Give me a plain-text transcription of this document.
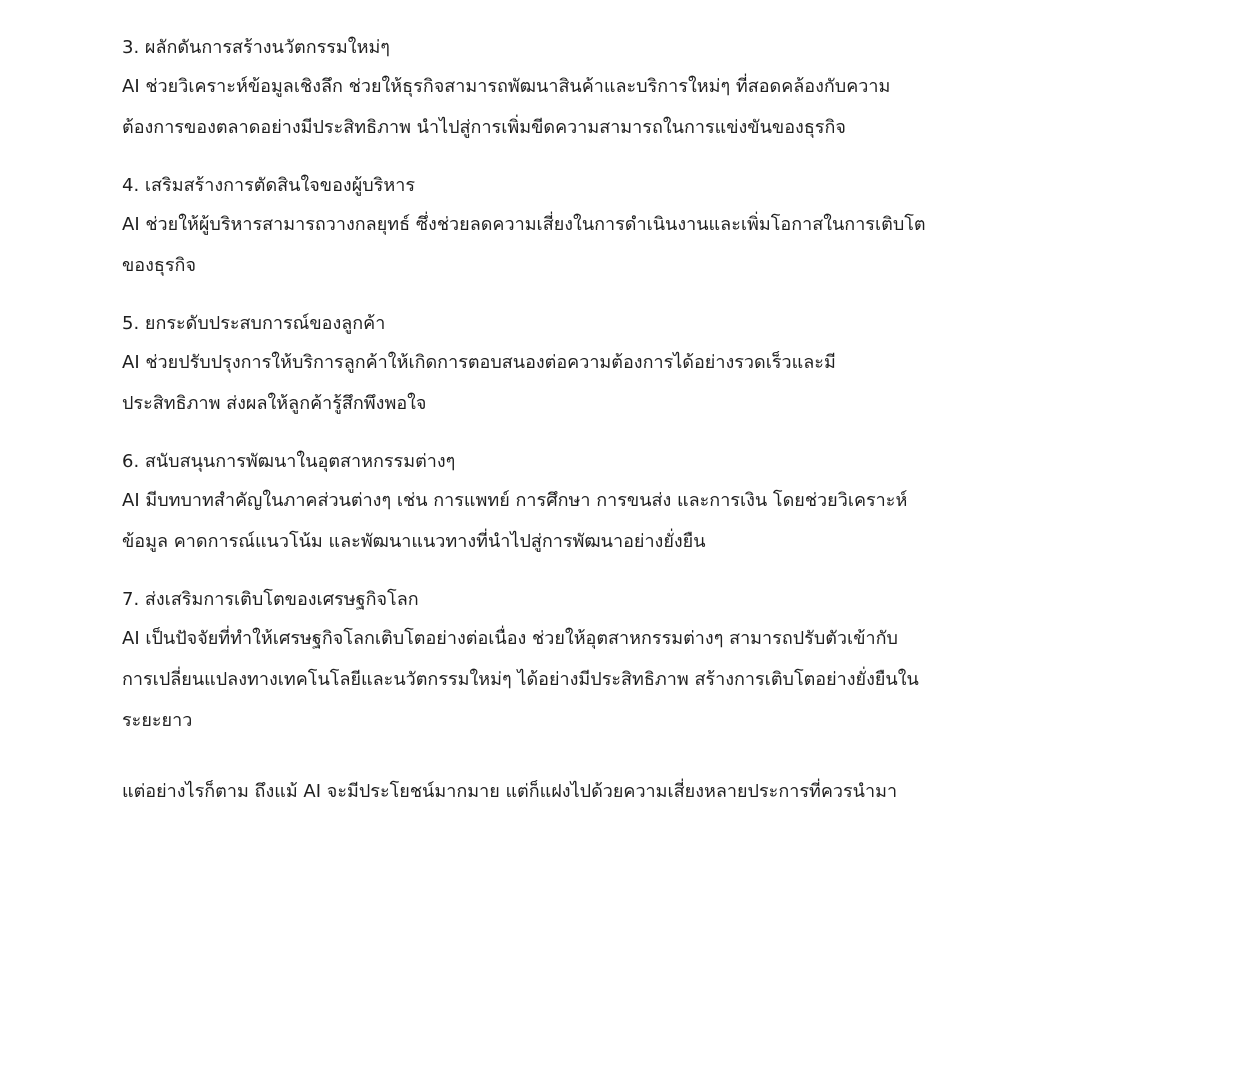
3. ผลักดันการสร้างนวัตกรรมใหม่ๆ

AI ช่วยวิเคราะห์ข้อมูลเชิงลึก ช่วยให้ธุรกิจสามารถพัฒนาสินค้าและบริการใหม่ๆ ที่สอดคล้องกับความ

ต้องการของตลาดอย่างมีประสิทธิภาพ นำไปสู่การเพิ่มขีดความสามารถในการแข่งขันของธุรกิจ

4. เสริมสร้างการตัดสินใจของผู้บริหาร

AI ช่วยให้ผู้บริหารสามารถวางกลยุทธ์ ซึ่งช่วยลดความเสี่ยงในการดำเนินงานและเพิ่มโอกาสในการเติบโต

ของธุรกิจ

5. ยกระดับประสบการณ์ของลูกค้า

AI ช่วยปรับปรุงการให้บริการลูกค้าให้เกิดการตอบสนองต่อความต้องการได้อย่างรวดเร็วและมี

ประสิทธิภาพ ส่งผลให้ลูกค้ารู้สึกพึงพอใจ

6. สนับสนุนการพัฒนาในอุตสาหกรรมต่างๆ

AI มีบทบาทสำคัญในภาคส่วนต่างๆ เช่น การแพทย์ การศึกษา การขนส่ง และการเงิน โดยช่วยวิเคราะห์

ข้อมูล คาดการณ์แนวโน้ม และพัฒนาแนวทางที่นำไปสู่การพัฒนาอย่างยั่งยืน

7. ส่งเสริมการเติบโตของเศรษฐกิจโลก

AI เป็นปัจจัยที่ทำให้เศรษฐกิจโลกเติบโตอย่างต่อเนื่อง ช่วยให้อุตสาหกรรมต่างๆ สามารถปรับตัวเข้ากับ

การเปลี่ยนแปลงทางเทคโนโลยีและนวัตกรรมใหม่ๆ ได้อย่างมีประสิทธิภาพ สร้างการเติบโตอย่างยั่งยืนใน

ระยะยาว

แต่อย่างไรก็ตาม ถึงแม้ AI จะมีประโยชน์มากมาย แต่ก็แฝงไปด้วยความเสี่ยงหลายประการที่ควรนำมา
